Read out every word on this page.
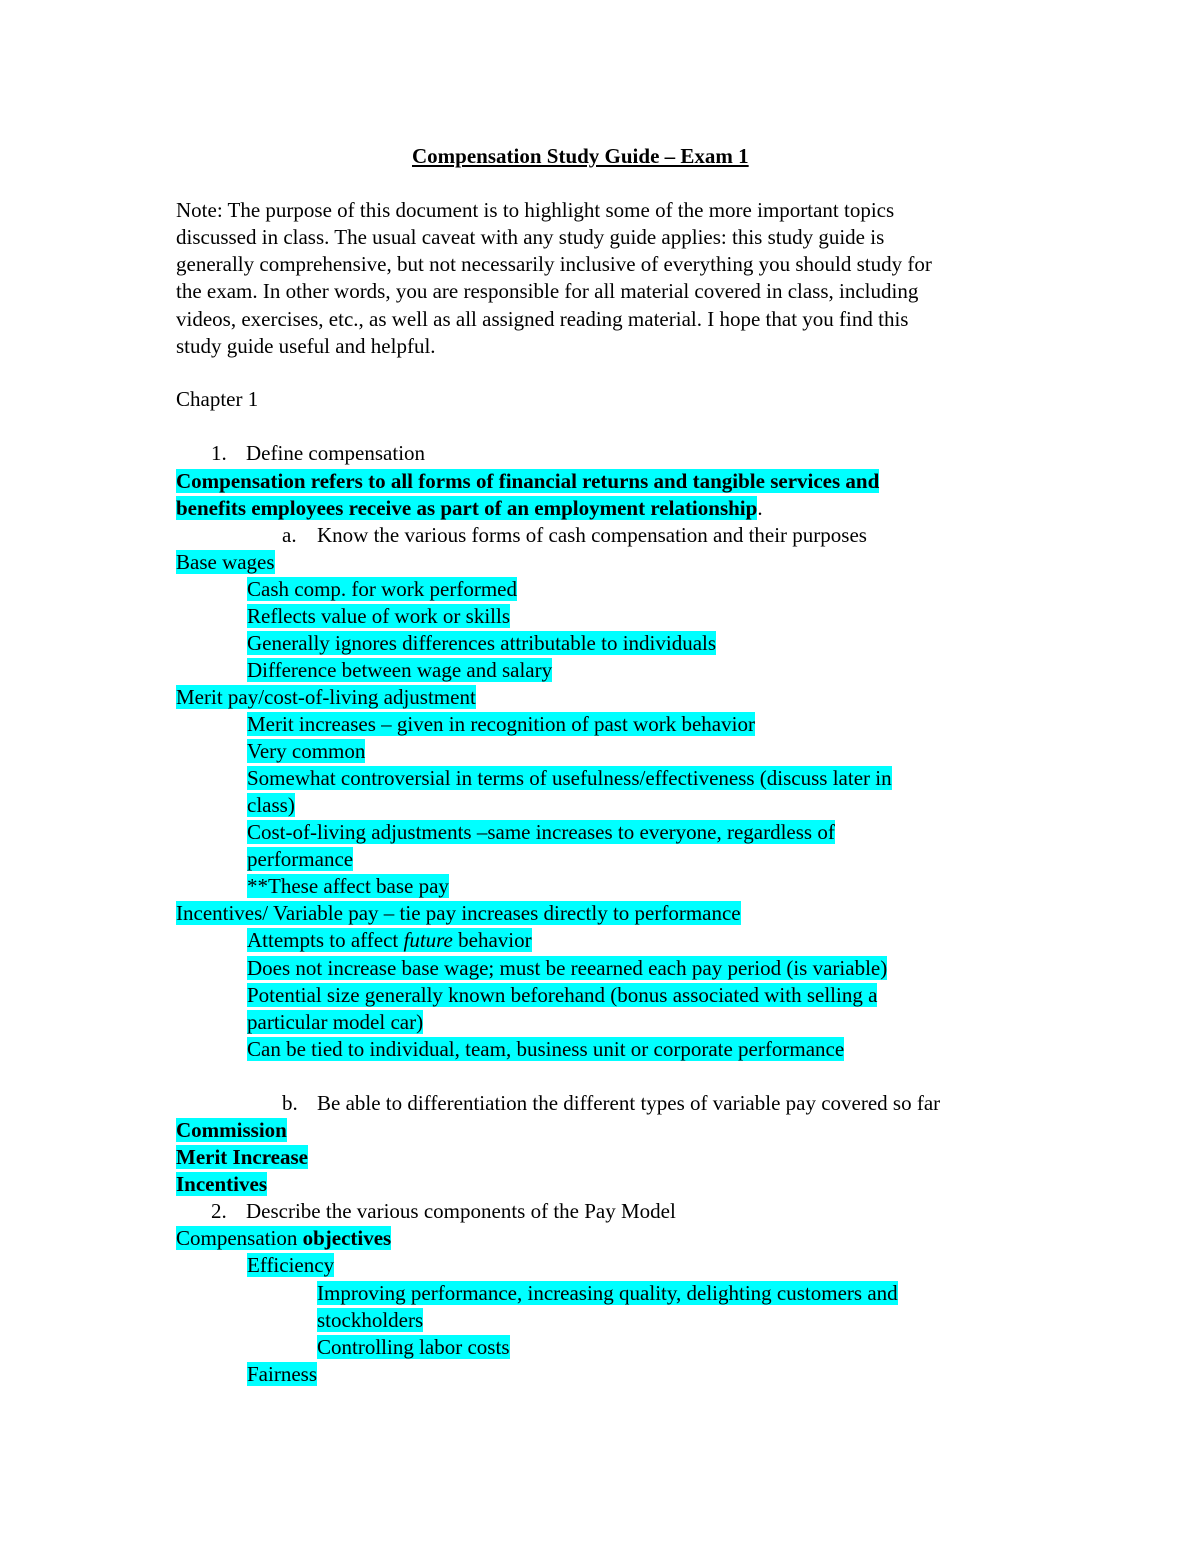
Compensation Study Guide – Exam 1
Note: The purpose of this document is to highlight some of the more important topics
discussed in class. The usual caveat with any study guide applies: this study guide is
generally comprehensive, but not necessarily inclusive of everything you should study for
the exam. In other words, you are responsible for all material covered in class, including
videos, exercises, etc., as well as all assigned reading material. I hope that you find this
study guide useful and helpful.
Chapter 1
1. Define compensation
Compensation refers to all forms of financial returns and tangible services and
benefits employees receive as part of an employment relationship.
a. Know the various forms of cash compensation and their purposes
Base wages
Cash comp. for work performed
Reflects value of work or skills
Generally ignores differences attributable to individuals
Difference between wage and salary
Merit pay/cost-of-living adjustment
Merit increases – given in recognition of past work behavior
Very common
Somewhat controversial in terms of usefulness/effectiveness (discuss later in
class)
Cost-of-living adjustments –same increases to everyone, regardless of
performance
**These affect base pay
Incentives/ Variable pay – tie pay increases directly to performance
Attempts to affect future behavior
Does not increase base wage; must be reearned each pay period (is variable)
Potential size generally known beforehand (bonus associated with selling a
particular model car)
Can be tied to individual, team, business unit or corporate performance
b. Be able to differentiation the different types of variable pay covered so far
Commission
Merit Increase
Incentives
2. Describe the various components of the Pay Model
Compensation objectives
Efficiency
Improving performance, increasing quality, delighting customers and
stockholders
Controlling labor costs
Fairness
